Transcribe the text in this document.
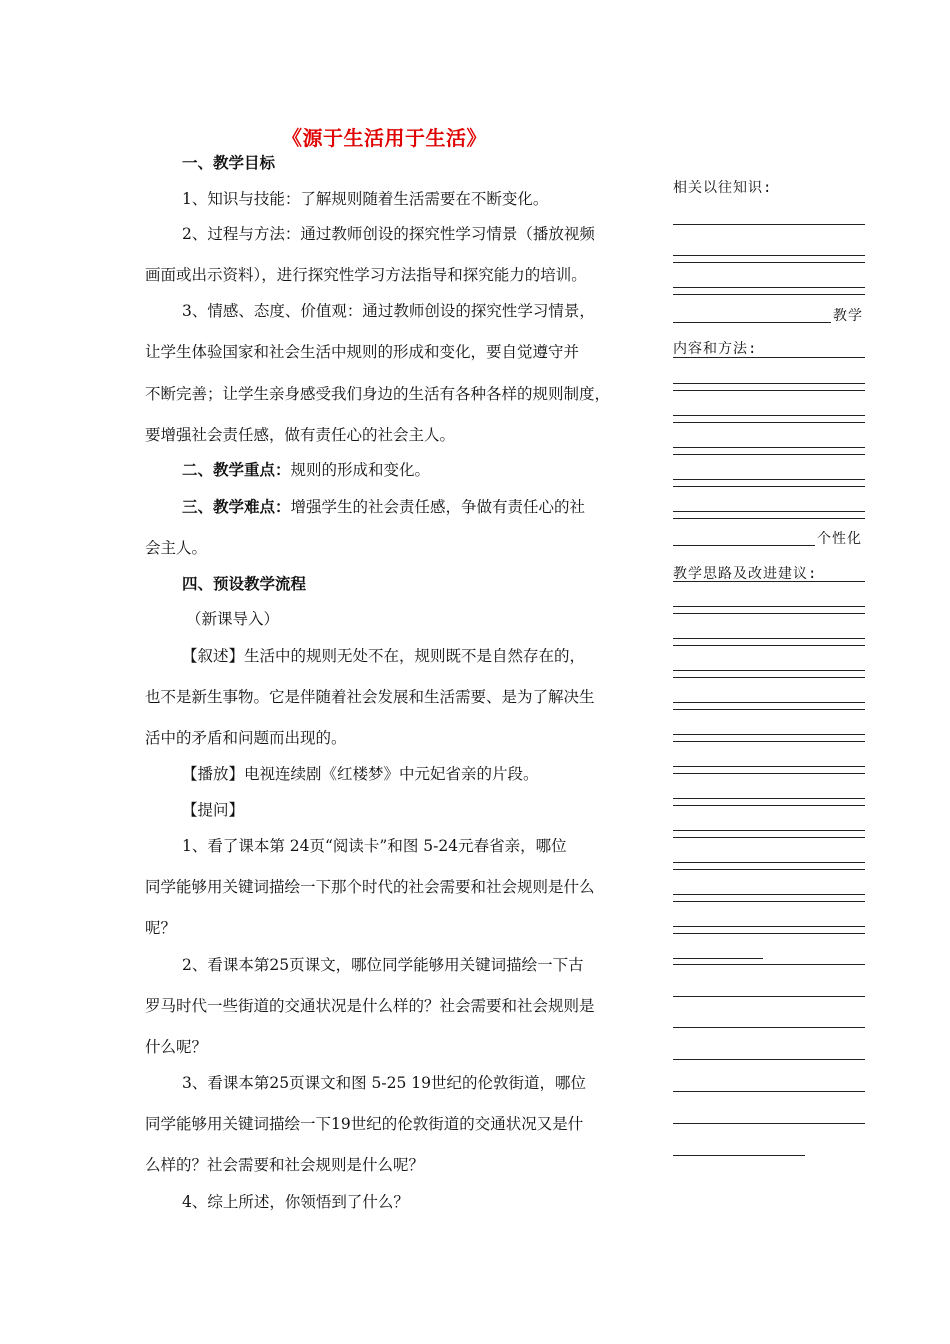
《源于生活用于生活》
一、教学目标
1、知识与技能：了解规则随着生活需要在不断变化。
2、过程与方法：通过教师创设的探究性学习情景（播放视频
画面或出示资料），进行探究性学习方法指导和探究能力的培训。
3、情感、态度、价值观：通过教师创设的探究性学习情景，
让学生体验国家和社会生活中规则的形成和变化，要自觉遵守并
不断完善；让学生亲身感受我们身边的生活有各种各样的规则制度，
要增强社会责任感，做有责任心的社会主人。
二、教学重点：规则的形成和变化。
三、教学难点：增强学生的社会责任感，争做有责任心的社
会主人。
四、预设教学流程
（新课导入）
【叙述】生活中的规则无处不在，规则既不是自然存在的，
也不是新生事物。它是伴随着社会发展和生活需要、是为了解决生
活中的矛盾和问题而出现的。
【播放】电视连续剧《红楼梦》中元妃省亲的片段。
【提问】
1、看了课本第 24页“阅读卡”和图 5-24元春省亲，哪位
同学能够用关键词描绘一下那个时代的社会需要和社会规则是什么
呢？
2、看课本第25页课文，哪位同学能够用关键词描绘一下古
罗马时代一些街道的交通状况是什么样的？社会需要和社会规则是
什么呢？
3、看课本第25页课文和图 5-25 19世纪的伦敦街道，哪位
同学能够用关键词描绘一下19世纪的伦敦街道的交通状况又是什
么样的？社会需要和社会规则是什么呢？
4、综上所述，你领悟到了什么？
相关以往知识:
教学
内容和方法:
个性化
教学思路及改进建议:
